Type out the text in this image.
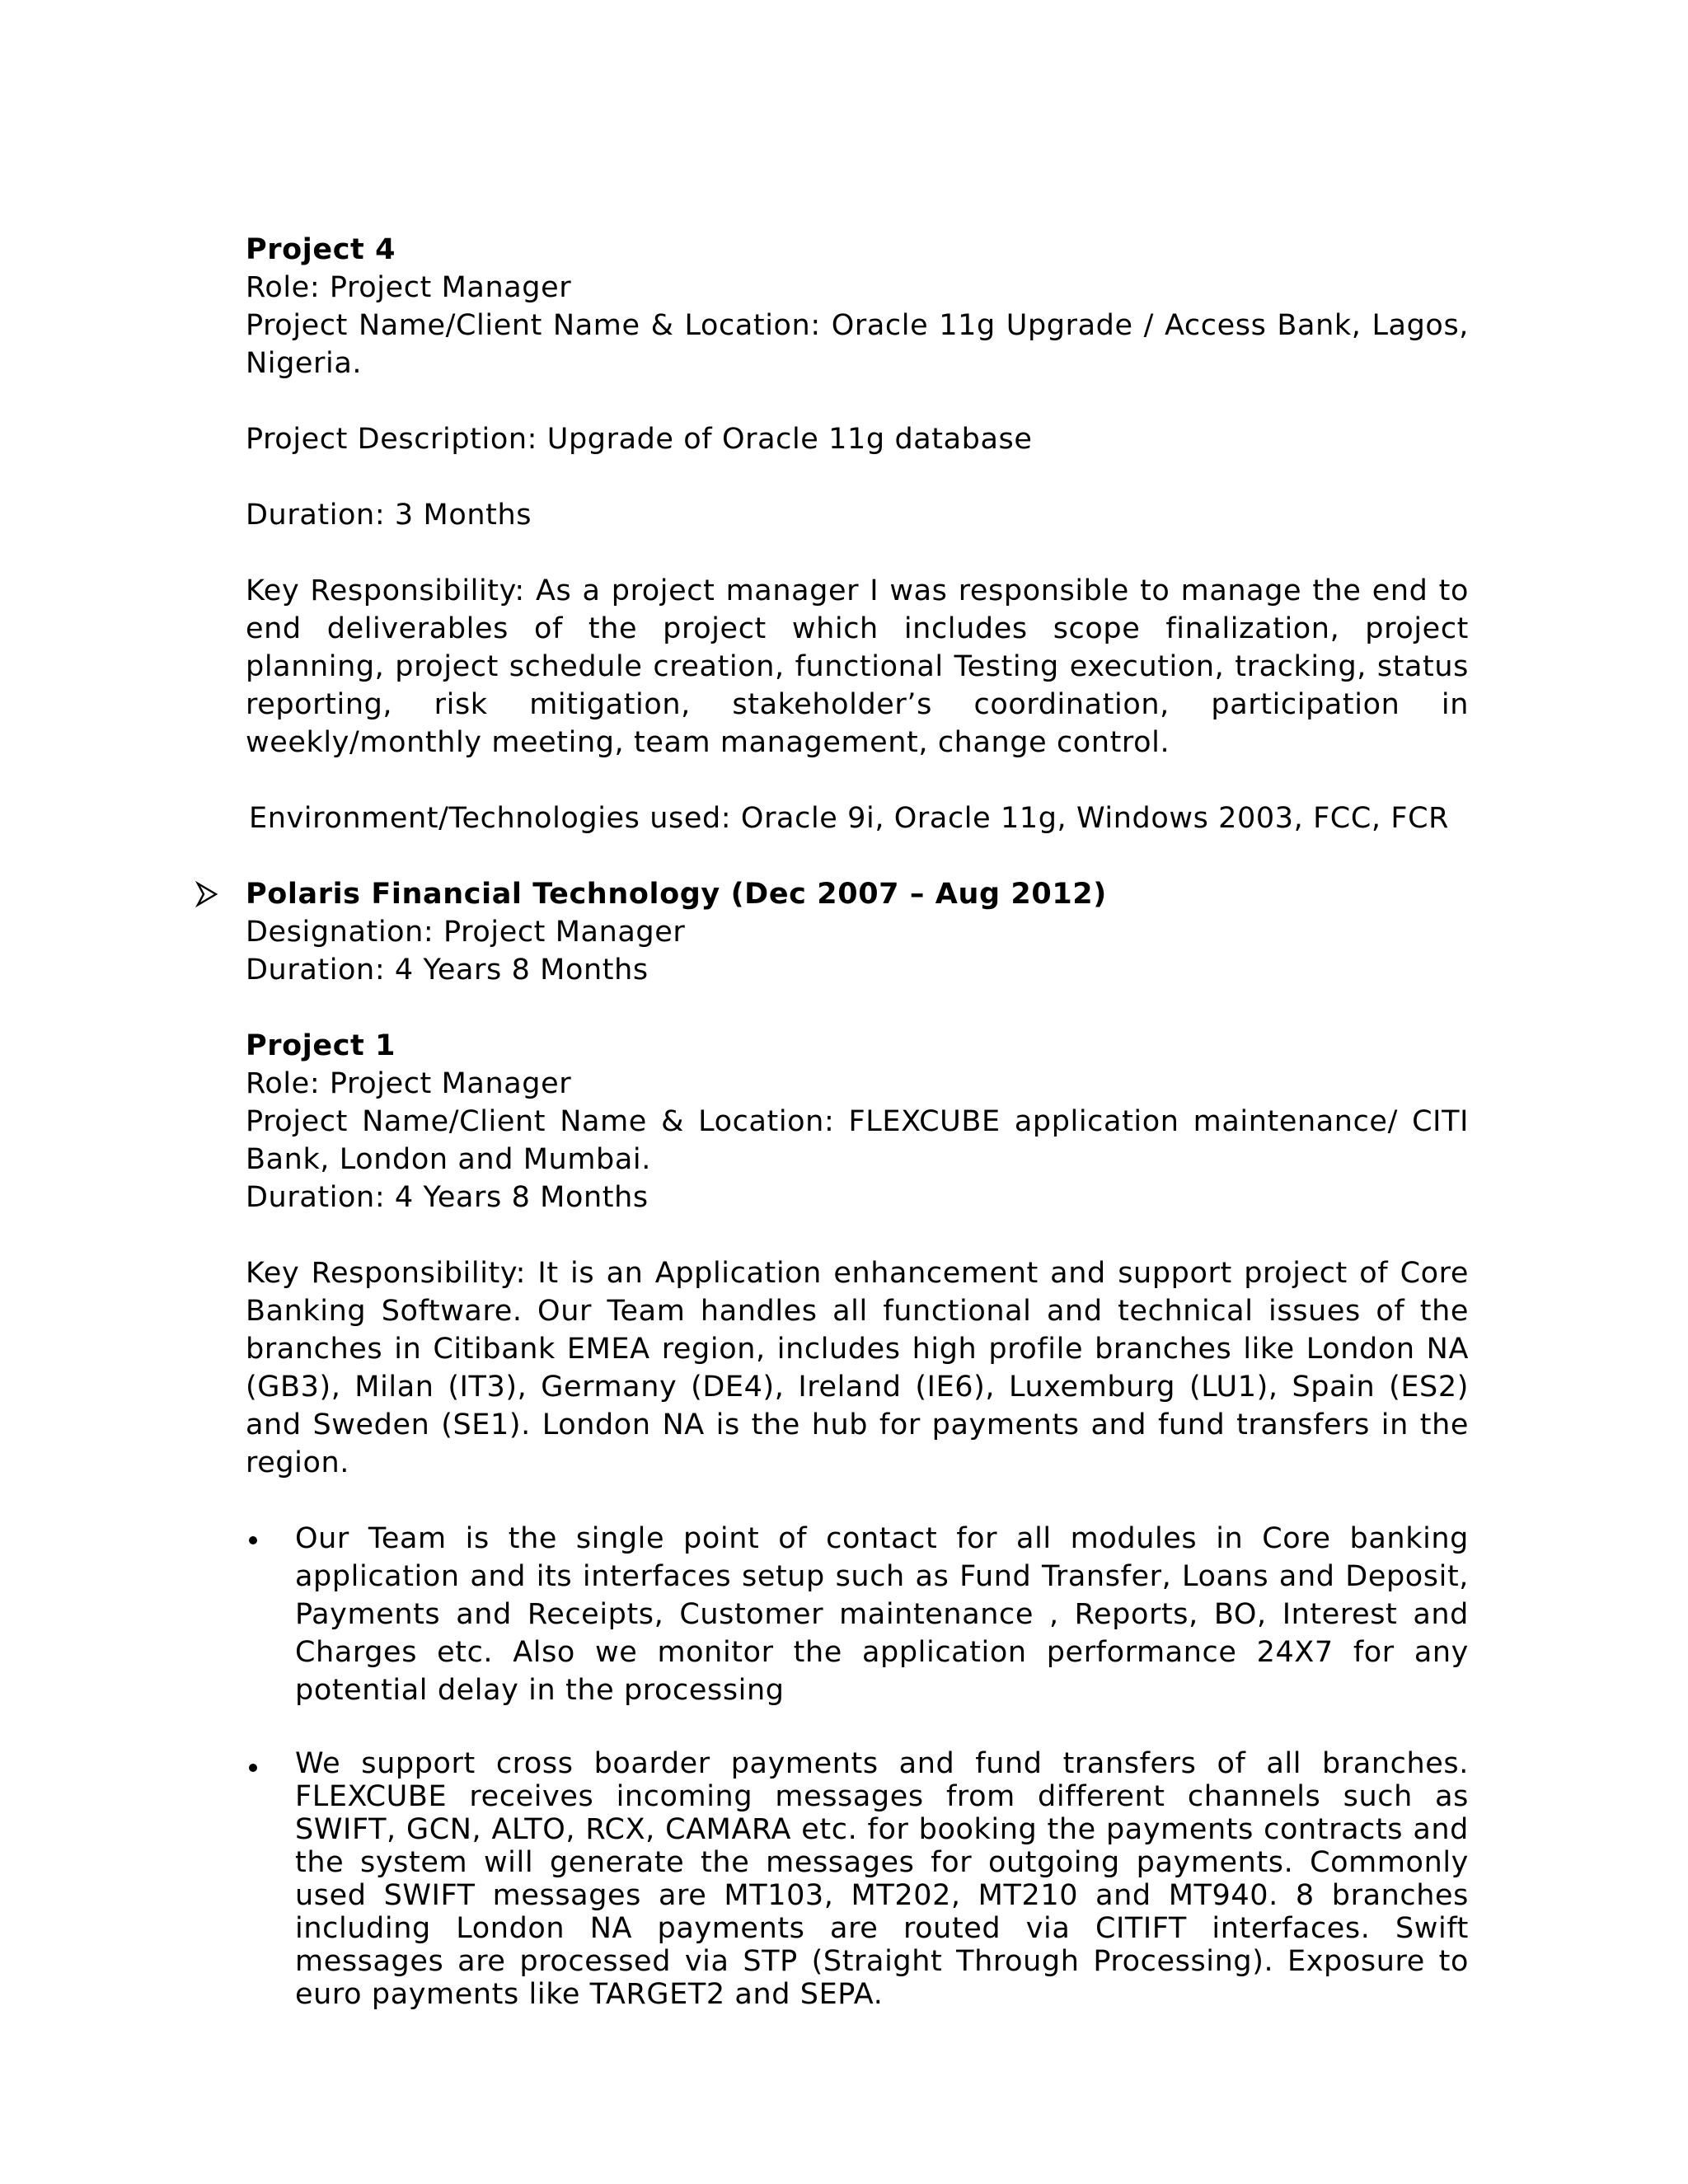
Project 4

Role: Project Manager

Project Name/Client Name & Location: Oracle 11g Upgrade / Access Bank, Lagos, Nigeria.

Project Description: Upgrade of Oracle 11g database

Duration: 3 Months

Key Responsibility: As a project manager I was responsible to manage the end to end deliverables of the project which includes scope finalization, project planning, project schedule creation, functional Testing execution, tracking, status reporting, risk mitigation, stakeholder’s coordination, participation in weekly/monthly meeting, team management, change control.

Environment/Technologies used: Oracle 9i, Oracle 11g, Windows 2003, FCC, FCR

Polaris Financial Technology (Dec 2007 – Aug 2012)

Designation: Project Manager

Duration: 4 Years 8 Months

Project 1

Role: Project Manager

Project Name/Client Name & Location: FLEXCUBE application maintenance/ CITI Bank, London and Mumbai.

Duration: 4 Years 8 Months

Key Responsibility: It is an Application enhancement and support project of Core Banking Software. Our Team handles all functional and technical issues of the branches in Citibank EMEA region, includes high profile branches like London NA (GB3), Milan (IT3), Germany (DE4), Ireland (IE6), Luxemburg (LU1), Spain (ES2) and Sweden (SE1). London NA is the hub for payments and fund transfers in the region.

Our Team is the single point of contact for all modules in Core banking application and its interfaces setup such as Fund Transfer, Loans and Deposit, Payments and Receipts, Customer maintenance , Reports, BO, Interest and Charges etc. Also we monitor the application performance 24X7 for any potential delay in the processing
We support cross boarder payments and fund transfers of all branches. FLEXCUBE receives incoming messages from different channels such as SWIFT, GCN, ALTO, RCX, CAMARA etc. for booking the payments contracts and the system will generate the messages for outgoing payments. Commonly used SWIFT messages are MT103, MT202, MT210 and MT940. 8 branches including London NA payments are routed via CITIFT interfaces. Swift messages are processed via STP (Straight Through Processing). Exposure to euro payments like TARGET2 and SEPA.
